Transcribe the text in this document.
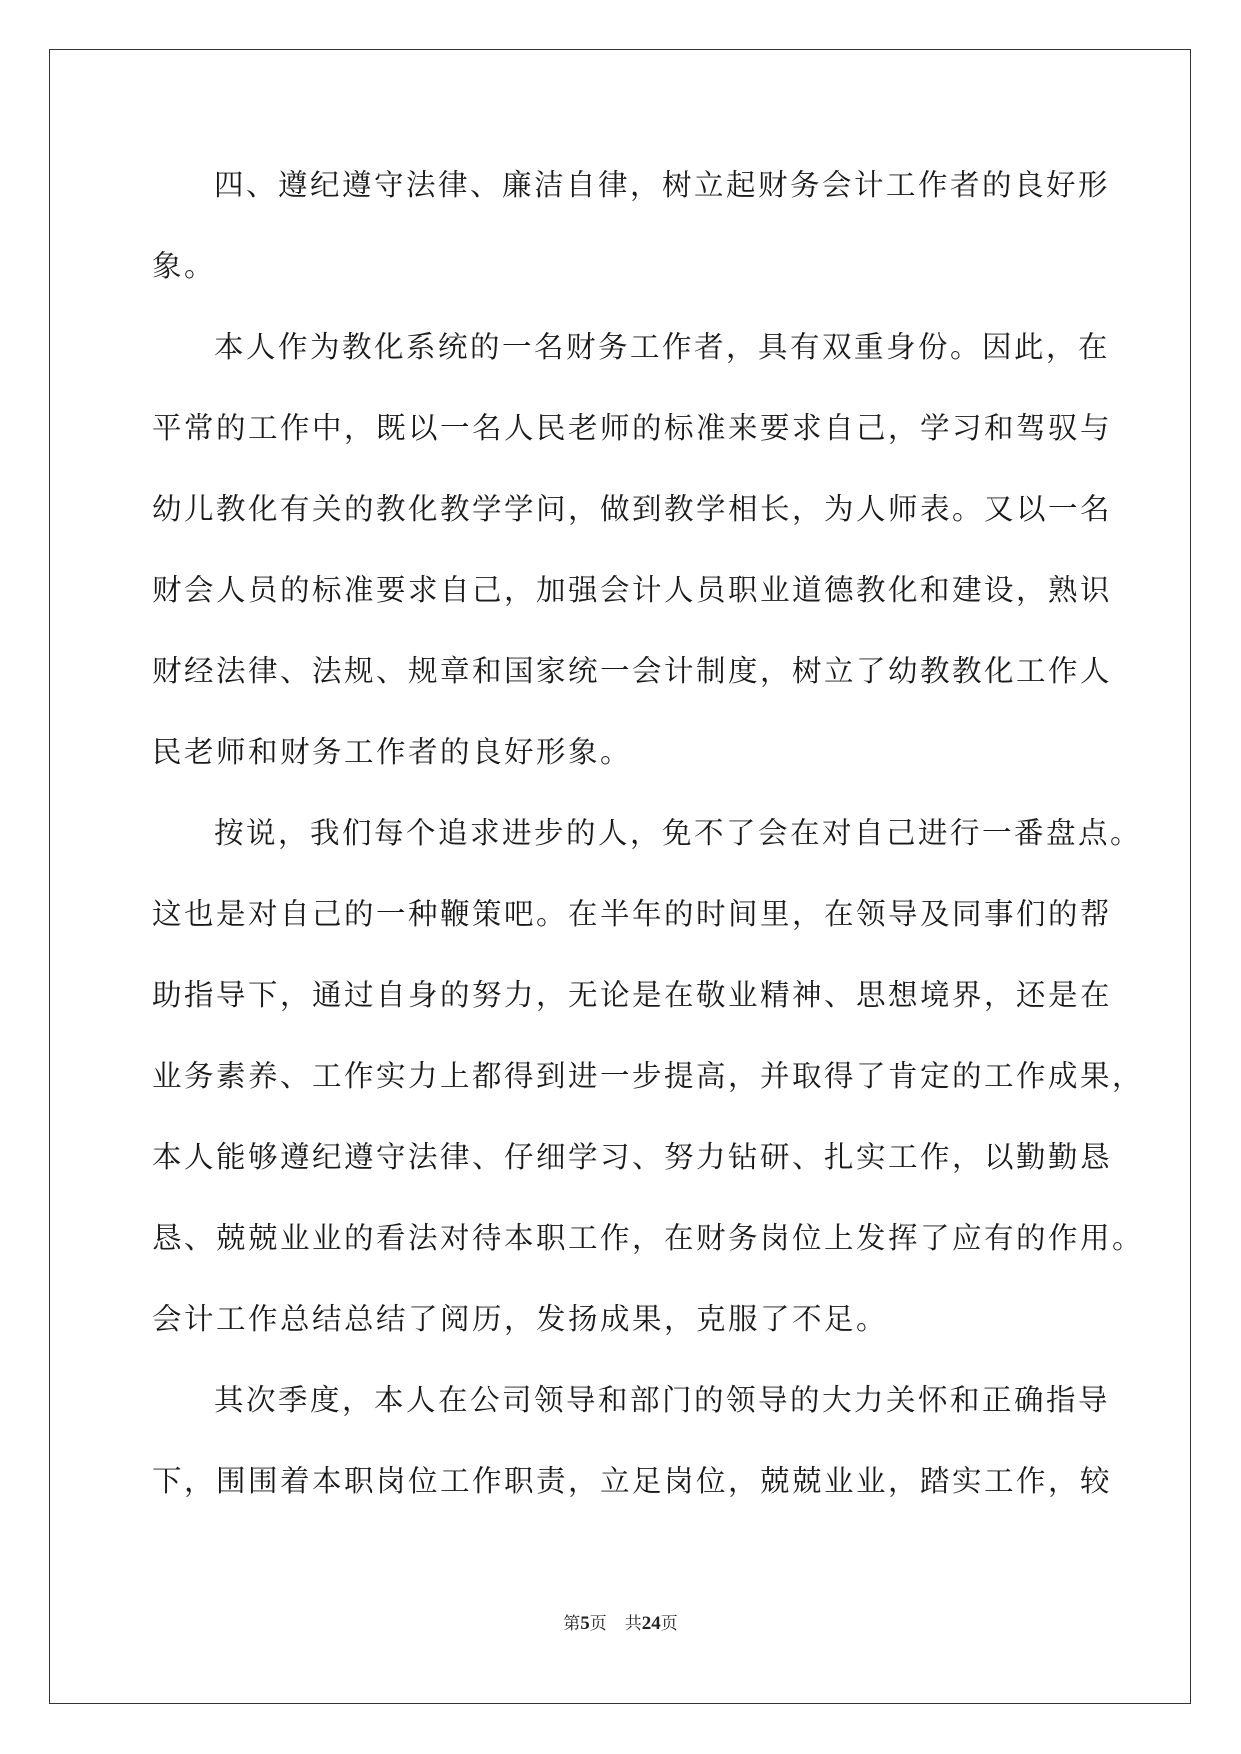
四、遵纪遵守法律、廉洁自律，树立起财务会计工作者的良好形
象。
本人作为教化系统的一名财务工作者，具有双重身份。因此，在
平常的工作中，既以一名人民老师的标准来要求自己，学习和驾驭与
幼儿教化有关的教化教学学问，做到教学相长，为人师表。又以一名
财会人员的标准要求自己，加强会计人员职业道德教化和建设，熟识
财经法律、法规、规章和国家统一会计制度，树立了幼教教化工作人
民老师和财务工作者的良好形象。
按说，我们每个追求进步的人，免不了会在对自己进行一番盘点。
这也是对自己的一种鞭策吧。在半年的时间里，在领导及同事们的帮
助指导下，通过自身的努力，无论是在敬业精神、思想境界，还是在
业务素养、工作实力上都得到进一步提高，并取得了肯定的工作成果，
本人能够遵纪遵守法律、仔细学习、努力钻研、扎实工作，以勤勤恳
恳、兢兢业业的看法对待本职工作，在财务岗位上发挥了应有的作用。
会计工作总结总结了阅历，发扬成果，克服了不足。
其次季度，本人在公司领导和部门的领导的大力关怀和正确指导
下，围围着本职岗位工作职责，立足岗位，兢兢业业，踏实工作，较
第5页 共24页
